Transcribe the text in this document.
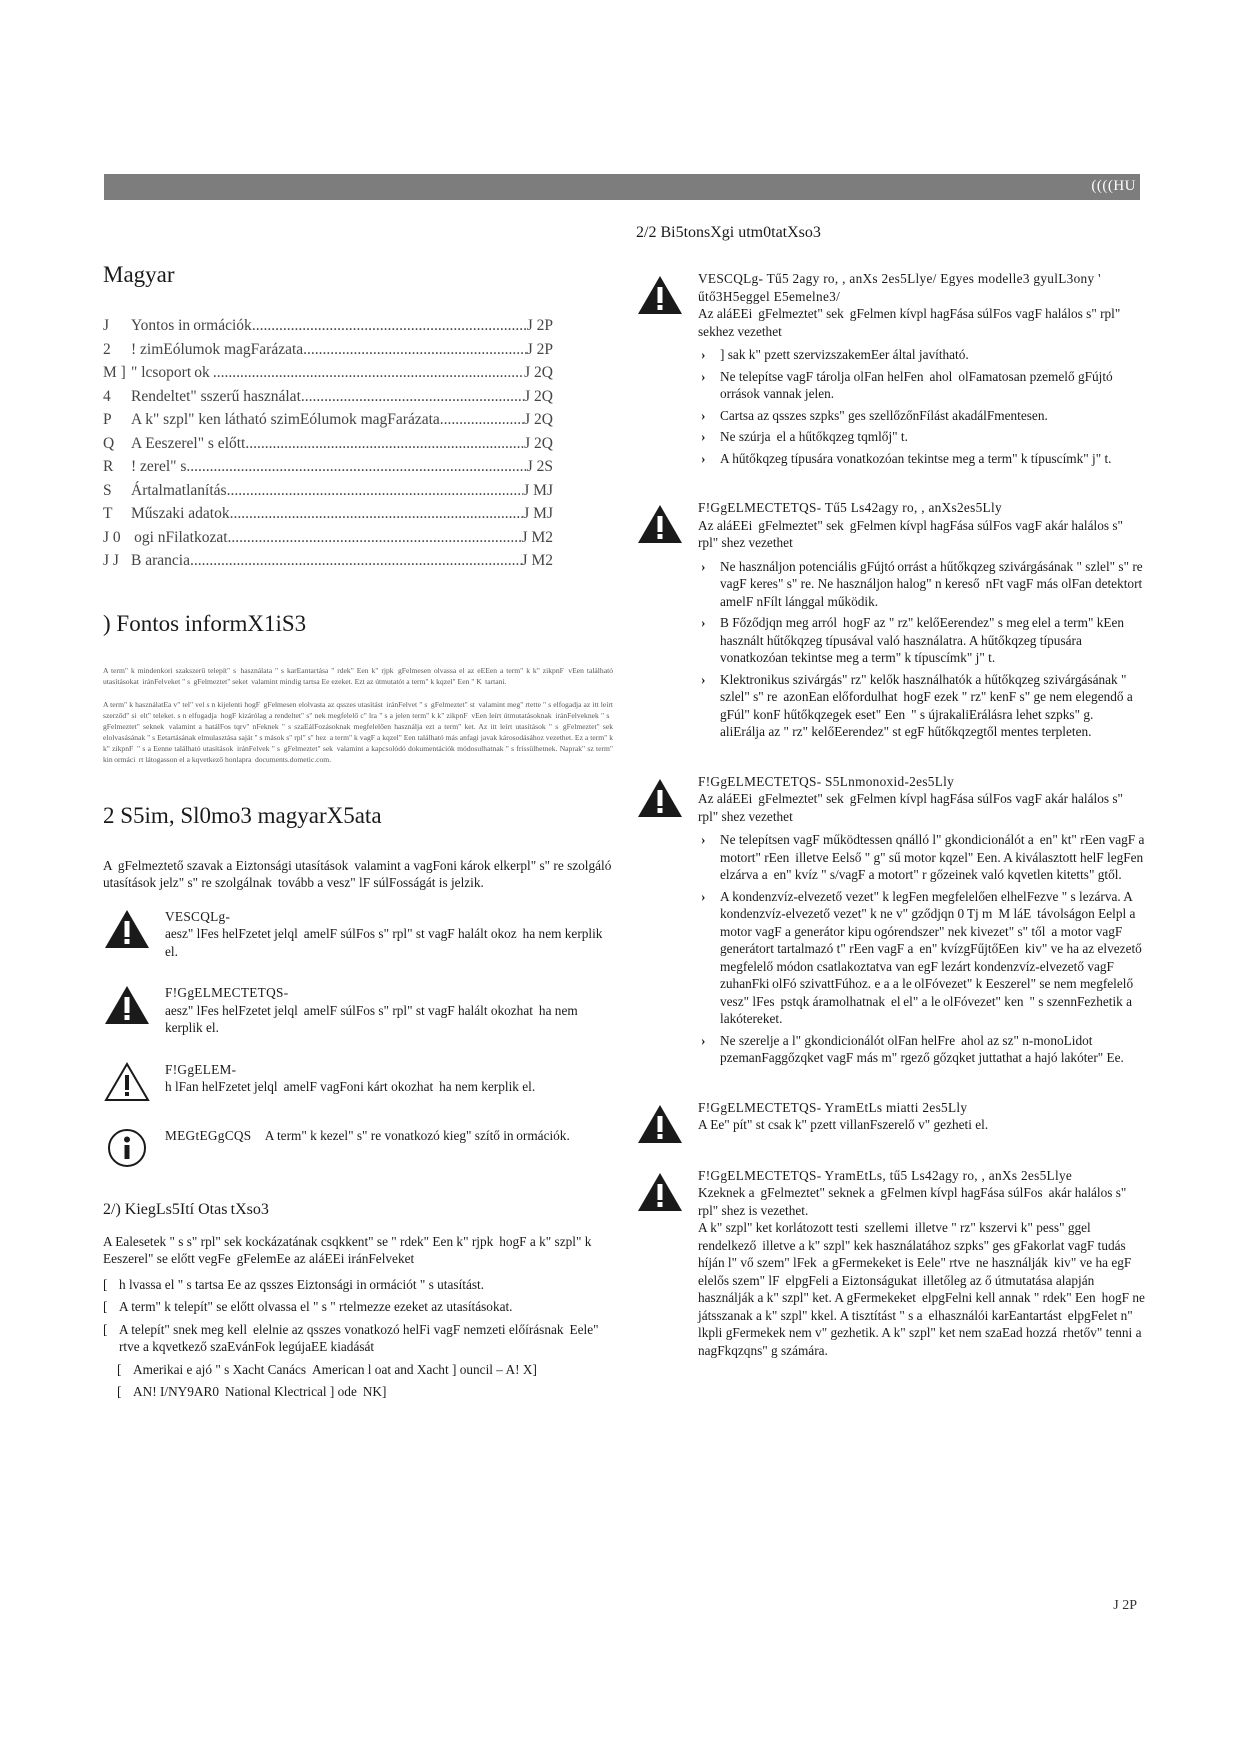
((((HU
Magyar
J	Yontos in ormációk .....	J 2P
2	! zimEólumok magFarázata .....	J 2P
M ] " lcsoport ok  .....	J 2Q
4	Rendeltet" sszerű használat .....	J 2Q
P	A k" szpl" ken látható szimEólumok magFarázata .....	J 2Q
Q	A Eeszerel" s előtt .....	J 2Q
R	! zerel" s .....	J 2S
S	Ártalmatlanítás .....	J MJ
T	Műszaki adatok .....	J MJ
J 0  ogi nFilatkozat .....	J M2
J J B arancia .....	J M2
) Fontos informX1iS3

A term" k mindenkori szakszerű telepít" s  használata " s karEantartása " rdek" Een k" rjpk  gFelmesen olvassa el az eEEen a term" k k" zikpnF  vEen található utasításokat  iránFelveket " s  gFelmeztet" seket  valamint mindig tartsa Ee ezeket. Ezt az útmutatót a term" k kqzel" Een " K  tartani.

A term" k használatEa v" tel" vel s n kijelenti hogF  gFelmesen elolvasta az qsszes utasítást  iránFelvet " s  gFelmeztet" st  valamint meg" rtette " s elfogadja az itt leírt szerződ" si  elt" teleket. s n elfogadja  hogF kizárólag a rendeltet" s" nek megfelelő c" lra " s a jelen term" k k" zikpnF  vEen leírt útmutatásoknak  iránFelveknek " s  gFelmeztet" seknek  valamint a hatálFos tqrv" nFeknek " s szaEálFozásoknak megfelelően használja ezt a term" ket. Az itt leírt utasítások " s  gFelmeztet" sek elolvasásának " s Eetartásának elmulasztása saját " s mások s" rpl" s" hez  a term" k vagF a kqzel" Een található más anfagi javak károsodásához vezethet. Ez a term" k k" zikpnF  " s a Eenne található utasítások  iránFelvek " s  gFelmeztet" sek  valamint a kapcsolódó dokumentációk módosulhatnak " s frissülhetnek. Naprak" sz term" kin ormáci  rt látogasson el a kqvetkező honlapra  documents.dometic.com.

2 S5im, Sl0mo3 magyarX5ata

A  gFelmeztető szavak a Eiztonsági utasítások  valamint a vagFoni károk elkerpl" s" re szolgáló utasítások jelz" s" re szolgálnak  tovább a vesz" lF súlFosságát is jelzik.

VESCQLg-
aesz" lFes helFzetet jelql  amelF súlFos s" rpl" st vagF halált okoz  ha nem kerplik el.
F!GgELMECTETQS-
aesz" lFes helFzetet jelql  amelF súlFos s" rpl" st vagF halált okozhat  ha nem kerplik el.
F!GgELEM-
h lFan helFzetet jelql  amelF vagFoni kárt okozhat  ha nem kerplik el.
MEGtEGgCQS  A term" k kezel" s" re vonatkozó kieg" szítő in ormációk.
2/) KiegLs5Ití Otas tXso3

A Ealesetek " s s" rpl" sek kockázatának csqkkent" se " rdek" Een k" rjpk  hogF a k" szpl" k Eeszerel" se előtt vegFe  gFelemEe az aláEEi iránFelveket 

[ h lvassa el " s tartsa Ee az qsszes Eiztonsági in ormációt " s utasítást.
[ A term" k telepít" se előtt olvassa el " s " rtelmezze ezeket az utasításokat.
[ A telepít" snek meg kell  elelnie az qsszes vonatkozó helFi vagF nemzeti előírásnak  Eele" rtve a kqvetkező szaEvánFok legújaEE kiadását 
[ Amerikai e ajó " s Xacht Canács  American l oat and Xacht ] ouncil – A! X] 
[ AN! I/NY9AR0  National Klectrical ] ode  NK] 
2/2 Bi5tonsXgi utm0tatXso3
VESCQLg- Tű5 2agy ro, , anXs 2es5Llye/ Egyes modelle3 gyulL3ony ' űtő3H5eggel E5emelne3/
Az aláEEi  gFelmeztet" sek  gFelmen kívpl hagFása súlFos vagF halálos s" rpl" sekhez vezethet 
› ] sak k" pzett szervizszakemEer által javítható.
› Ne telepítse vagF tárolja olFan helFen  ahol  olFamatosan pzemelő gFújtó orrások vannak jelen.
› Cartsa az qsszes szpks" ges szellőzőnFílást akadálFmentesen.
› Ne szúrja  el a hűtőkqzeg tqmlőj" t.
› A hűtőkqzeg típusára vonatkozóan tekintse meg a term" k típuscímk" j" t.
F!GgELMECTETQS- Tű5 Ls42agy ro, , anXs2es5Lly
Az aláEEi  gFelmeztet" sek  gFelmen kívpl hagFása súlFos vagF akár halálos s" rpl" shez vezethet 
› Ne használjon potenciális gFújtó orrást a hűtőkqzeg szivárgásának " szlel" s" re vagF keres" s" re. Ne használjon halog" n kereső  nFt vagF más olFan detektort  amelF nFílt lánggal működik.
› B Főződjqn meg arról  hogF az " rz" kelőEerendez" s meg elel a term" kEen használt hűtőkqzeg típusával való használatra. A hűtőkqzeg típusára vonatkozóan tekintse meg a term" k típuscímk" j" t.
› Klektronikus szivárgás" rz" kelők használhatók a hűtőkqzeg szivárgásának " szlel" s" re  azonEan előfordulhat  hogF ezek " rz" kenF s" ge nem elegendő a gFúl" konF hűtőkqzegek eset" Een  " s újrakaliErálásra lehet szpks" g.   aliErálja az " rz" kelőEerendez" st egF hűtőkqzegtől mentes terpleten.
F!GgELMECTETQS- S5Lnmonoxid-2es5Lly
Az aláEEi  gFelmeztet" sek  gFelmen kívpl hagFása súlFos vagF akár halálos s" rpl" shez vezethet 
› Ne telepítsen vagF működtessen qnálló l" gkondicionálót a  en" kt" rEen vagF a motort" rEen  illetve Eelső " g" sű motor kqzel" Een. A kiválasztott helF legFen elzárva a  en" kvíz " s/vagF a motort" r gőzeinek való kqvetlen kitetts" gtől.
› A kondenzvíz-elvezető vezet" k legFen megfelelően elhelFezve " s lezárva. A kondenzvíz-elvezető vezet" k ne v" gződjqn 0 Tj m  M láE  távolságon Eelpl a motor vagF a generátor kipu ogórendszer" nek kivezet" s" től  a motor vagF generátort tartalmazó t" rEen vagF a  en" kvízgFűjtőEen  kiv" ve ha az elvezető megfelelő módon csatlakoztatva van egF lezárt kondenzvíz-elvezető vagF zuhanFki olFó szivattFúhoz. e a a le olFóvezet" k Eeszerel" se nem megfelelő  vesz" lFes  pstqk áramolhatnak  el el" a le olFóvezet" ken  " s szennFezhetik a lakótereket.
› Ne szerelje a l" gkondicionálót olFan helFre  ahol az sz" n-monoLidot  pzemanFaggőzqket vagF más m" rgező gőzqket juttathat a hajó lakóter" Ee.
F!GgELMECTETQS- YramEtLs miatti 2es5Lly
A Ee" pít" st csak k" pzett villanFszerelő v" gezheti el.
F!GgELMECTETQS- YramEtLs, tű5 Ls42agy ro, , anXs 2es5Llye
Kzeknek a  gFelmeztet" seknek a  gFelmen kívpl hagFása súlFos  akár halálos s" rpl" shez is vezethet.
A k" szpl" ket korlátozott testi  szellemi  illetve " rz" kszervi k" pess" ggel rendelkező  illetve a k" szpl" kek használatához szpks" ges gFakorlat vagF tudás híján l" vő szem" lFek  a gFermekeket is Eele" rtve  ne használják  kiv" ve ha egF  elelős szem" lF  elpgFeli a Eiztonságukat  illetőleg az ő útmutatása alapján használják a k" szpl" ket. A gFermekeket  elpgFelni kell annak " rdek" Een  hogF ne játsszanak a k" szpl" kkel. A tisztítást " s a  elhasználói karEantartást  elpgFelet n" lkpli gFermekek nem v" gezhetik. A k" szpl" ket nem szaEad hozzá  rhetőv" tenni a nagFkqzqns" g számára.
J 2P
